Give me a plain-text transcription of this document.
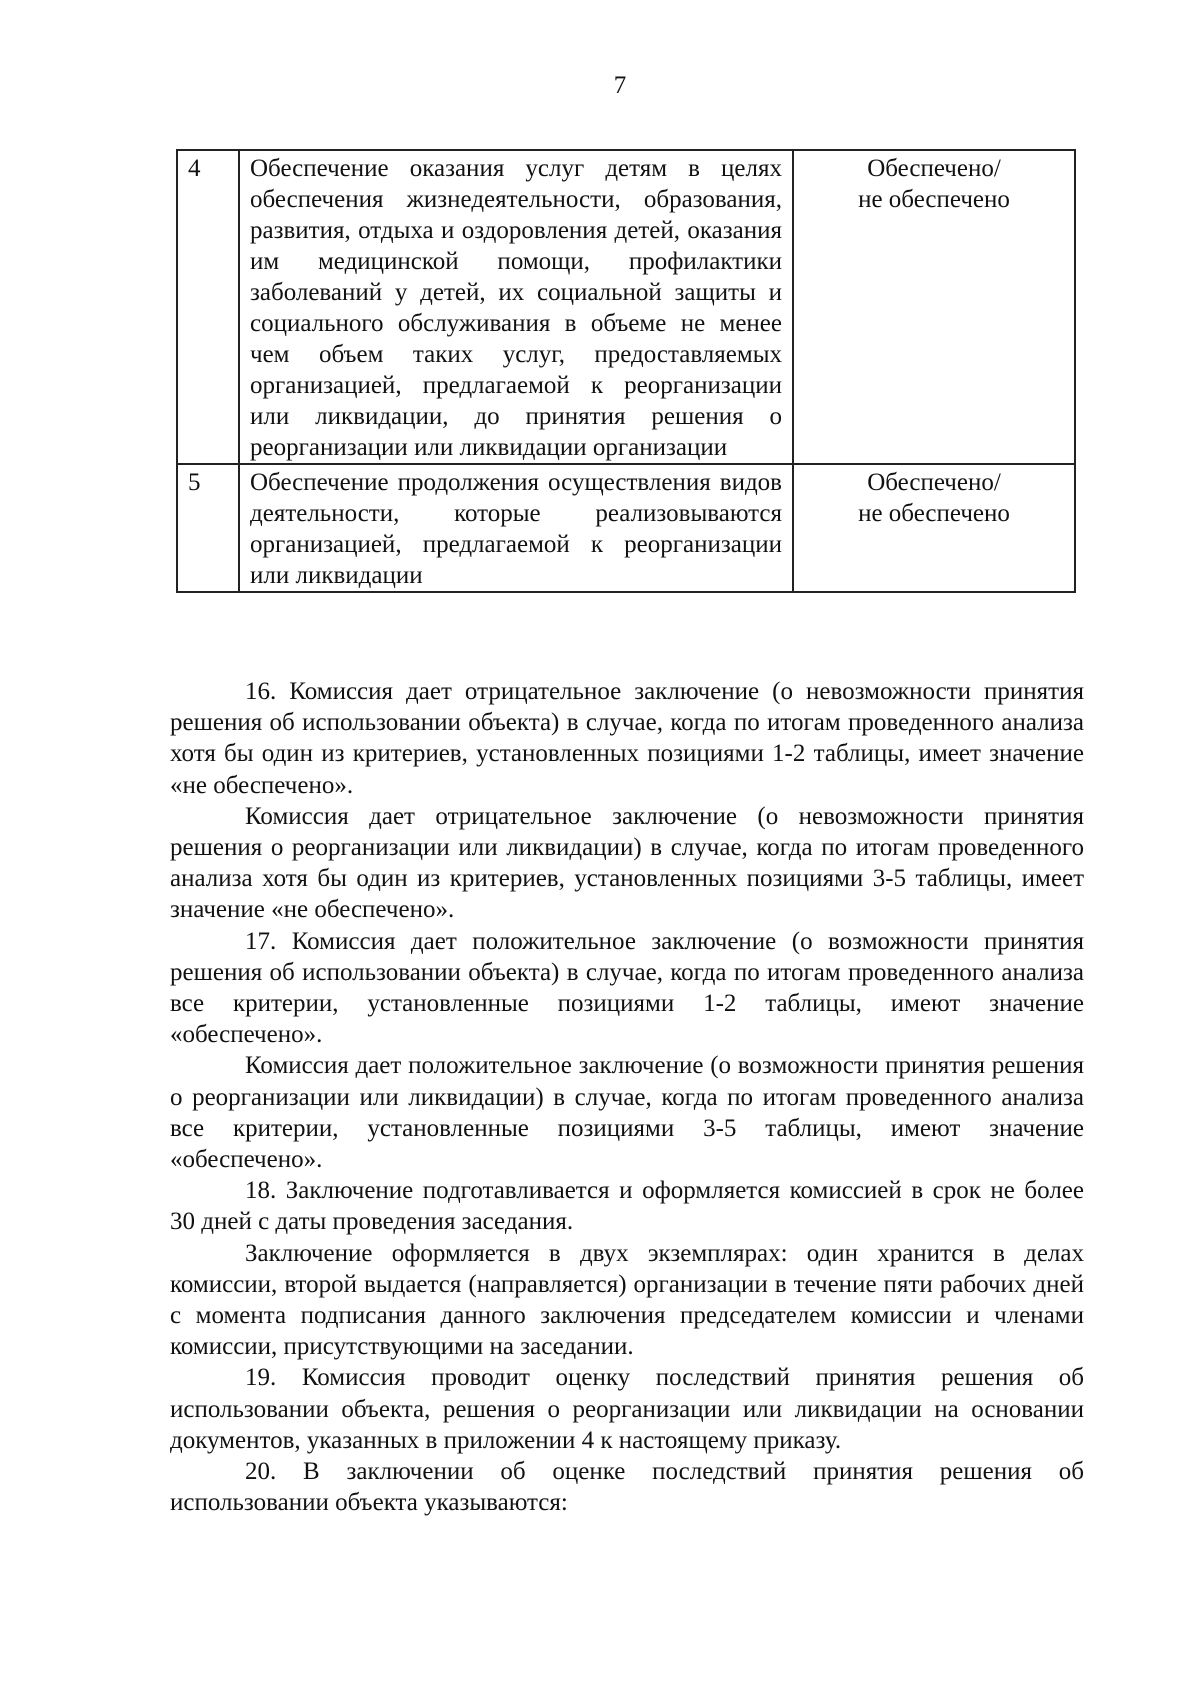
7
4	Обеспечение оказания услуг детям в целях обеспечения жизнедеятельности, образования, развития, отдыха и оздоровления детей, оказания им медицинской помощи, профилактики заболеваний у детей, их социальной защиты и социального обслуживания в объеме не менее чем объем таких услуг, предоставляемых организацией, предлагаемой к реорганизации или ликвидации, до принятия решения о реорганизации или ликвидации организации	Обеспечено/
не обеспечено

5	Обеспечение продолжения осуществления видов деятельности, которые реализовываются организацией, предлагаемой к реорганизации или ликвидации	Обеспечено/
не обеспечено

16. Комиссия дает отрицательное заключение (о невозможности принятия решения об использовании объекта) в случае, когда по итогам проведенного анализа хотя бы один из критериев, установленных позициями 1-2 таблицы, имеет значение «не обеспечено».

Комиссия дает отрицательное заключение (о невозможности принятия решения о реорганизации или ликвидации) в случае, когда по итогам проведенного анализа хотя бы один из критериев, установленных позициями 3-5 таблицы, имеет значение «не обеспечено».

17. Комиссия дает положительное заключение (о возможности принятия решения об использовании объекта) в случае, когда по итогам проведенного анализа все критерии, установленные позициями 1-2 таблицы, имеют значение «обеспечено».

Комиссия дает положительное заключение (о возможности принятия решения о реорганизации или ликвидации) в случае, когда по итогам проведенного анализа все критерии, установленные позициями 3-5 таблицы, имеют значение «обеспечено».

18. Заключение подготавливается и оформляется комиссией в срок не более 30 дней с даты проведения заседания.

Заключение оформляется в двух экземплярах: один хранится в делах комиссии, второй выдается (направляется) организации в течение пяти рабочих дней с момента подписания данного заключения председателем комиссии и членами комиссии, присутствующими на заседании.

19. Комиссия проводит оценку последствий принятия решения об использовании объекта, решения о реорганизации или ликвидации на основании документов, указанных в приложении 4 к настоящему приказу.

20. В заключении об оценке последствий принятия решения об использовании объекта указываются:
